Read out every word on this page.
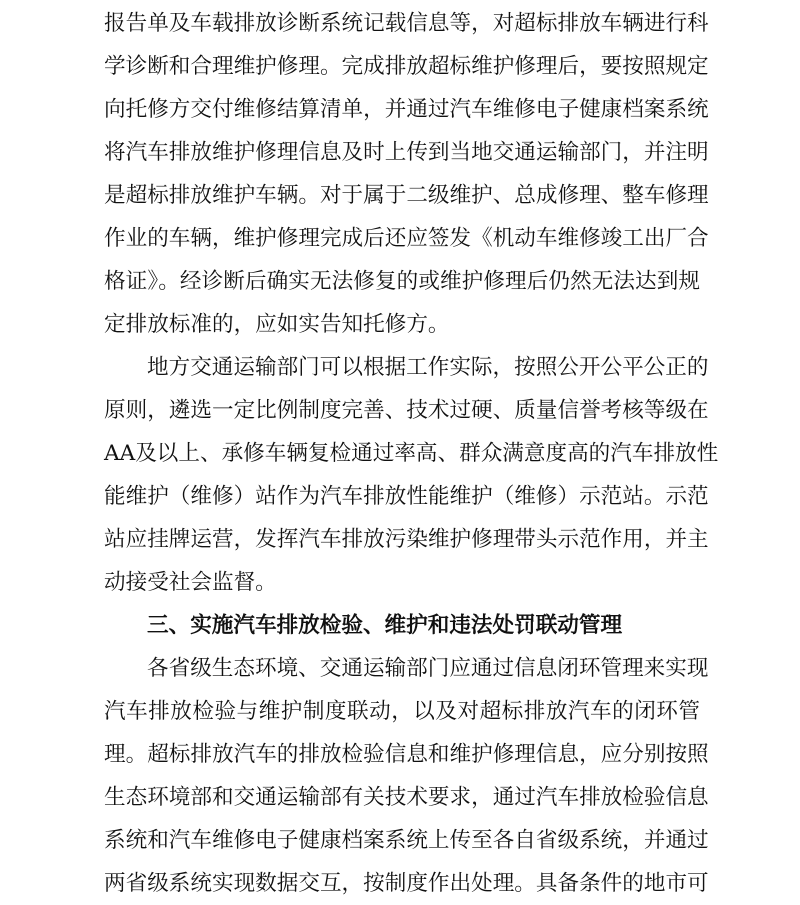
报告单及车载排放诊断系统记载信息等，对超标排放车辆进行科
学诊断和合理维护修理。完成排放超标维护修理后，要按照规定
向托修方交付维修结算清单，并通过汽车维修电子健康档案系统
将汽车排放维护修理信息及时上传到当地交通运输部门，并注明
是超标排放维护车辆。对于属于二级维护、总成修理、整车修理
作业的车辆，维护修理完成后还应签发《机动车维修竣工出厂合
格证》。经诊断后确实无法修复的或维护修理后仍然无法达到规
定排放标准的，应如实告知托修方。
地方交通运输部门可以根据工作实际，按照公开公平公正的
原则，遴选一定比例制度完善、技术过硬、质量信誉考核等级在
AA及以上、承修车辆复检通过率高、群众满意度高的汽车排放性
能维护（维修）站作为汽车排放性能维护（维修）示范站。示范
站应挂牌运营，发挥汽车排放污染维护修理带头示范作用，并主
动接受社会监督。
三、实施汽车排放检验、维护和违法处罚联动管理
各省级生态环境、交通运输部门应通过信息闭环管理来实现
汽车排放检验与维护制度联动，以及对超标排放汽车的闭环管
理。超标排放汽车的排放检验信息和维护修理信息，应分别按照
生态环境部和交通运输部有关技术要求，通过汽车排放检验信息
系统和汽车维修电子健康档案系统上传至各自省级系统，并通过
两省级系统实现数据交互，按制度作出处理。具备条件的地市可
